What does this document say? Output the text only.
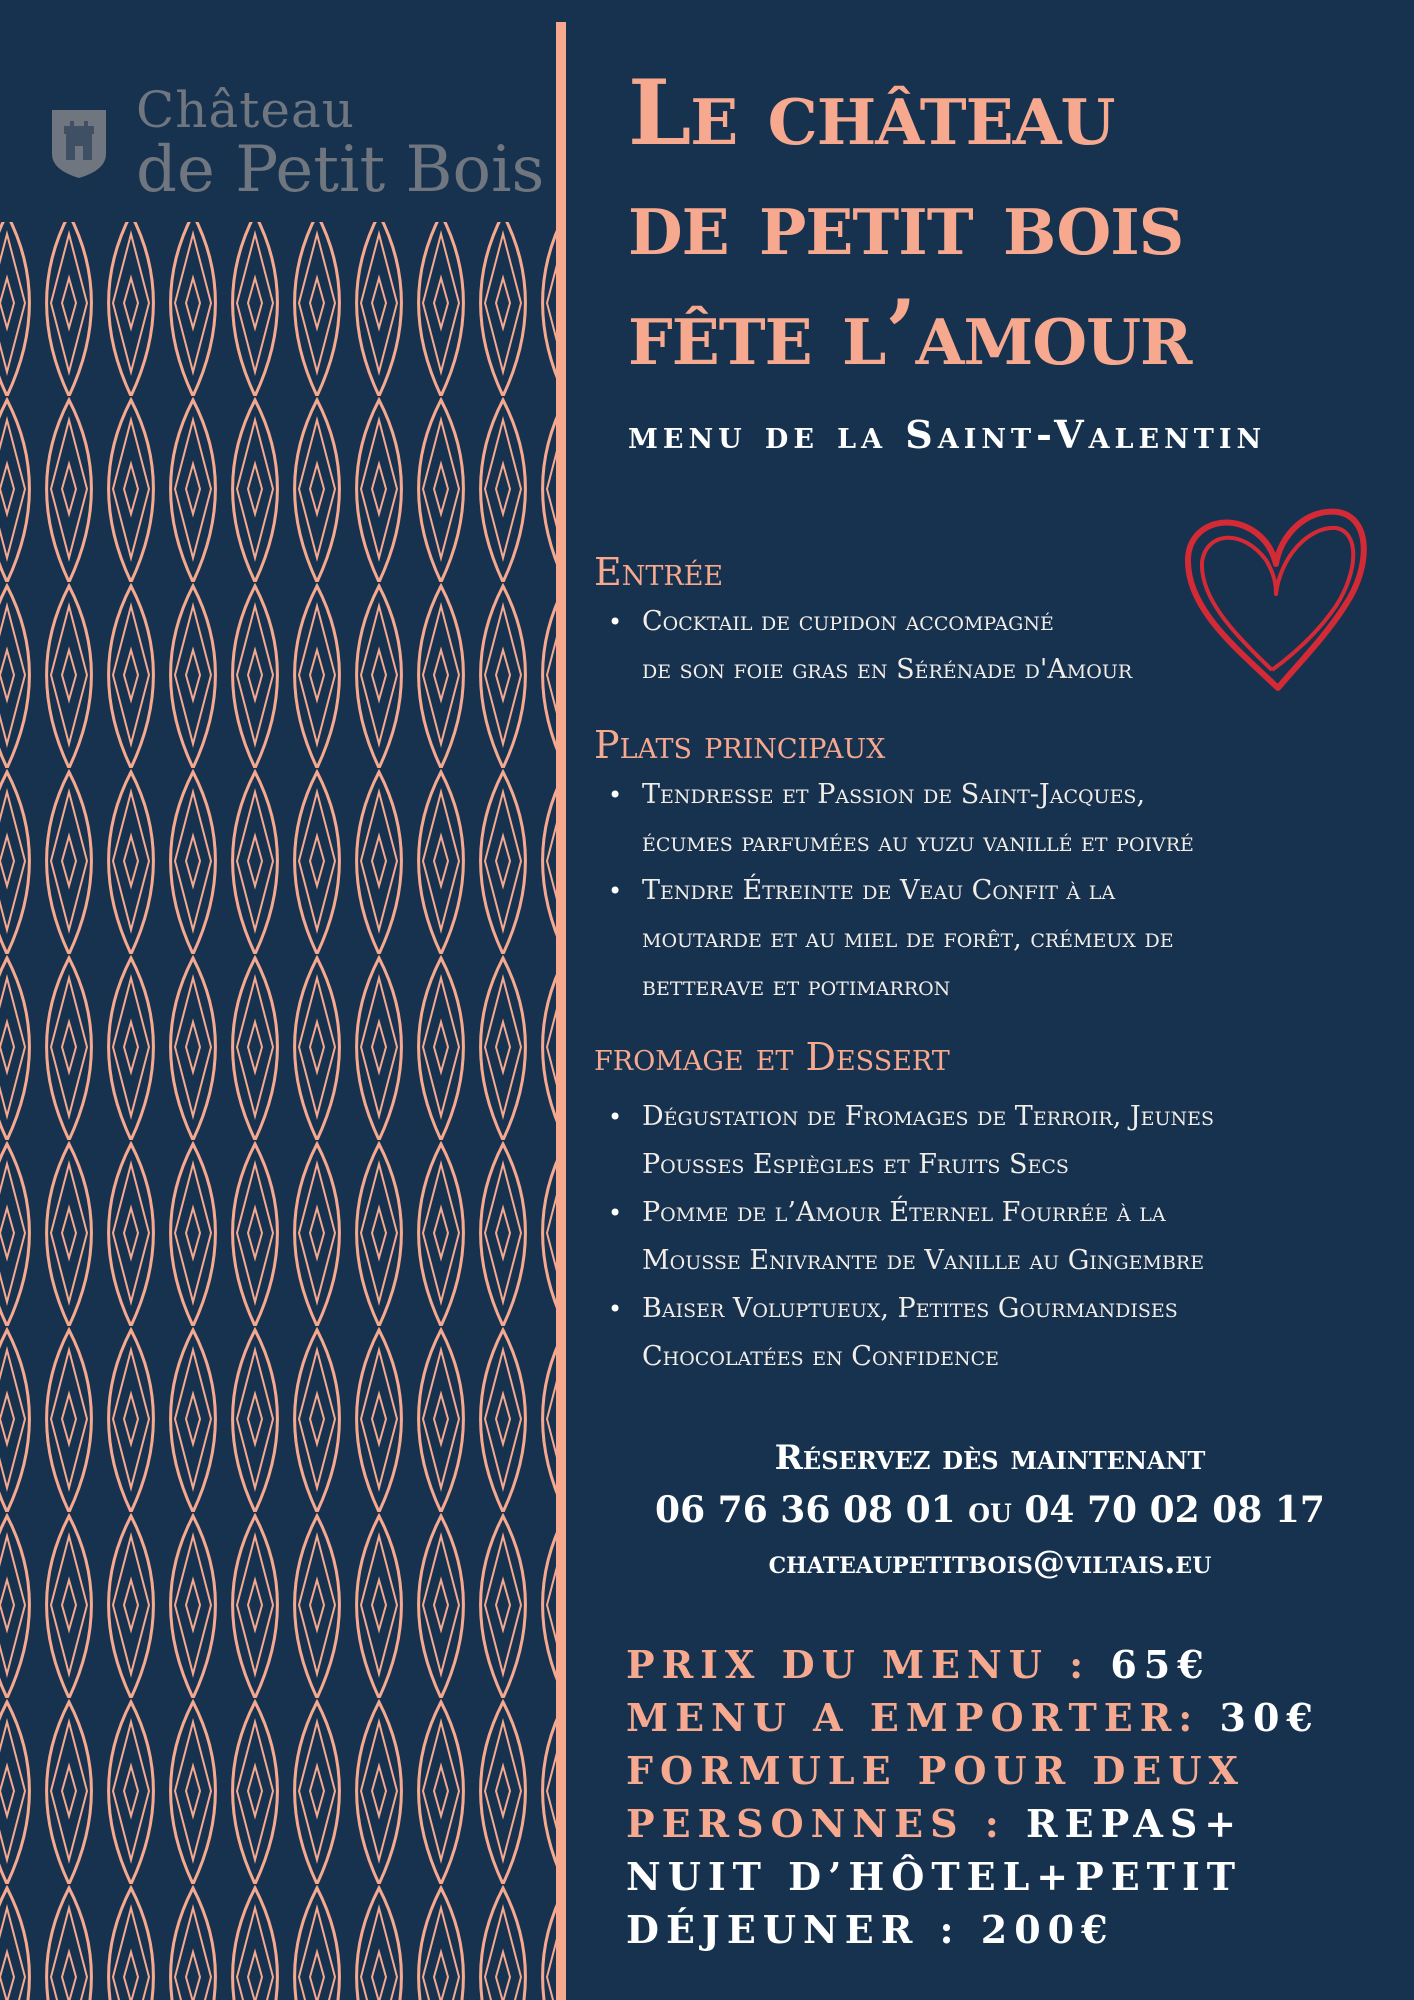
Château
de Petit Bois
Le château
de petit bois
fête l’amour
menu de la Saint-Valentin
Entrée
• Cocktail de cupidon accompagné
de son foie gras en Sérénade d'Amour
Plats principaux
• Tendresse et Passion de Saint-Jacques,
écumes parfumées au yuzu vanillé et poivré
• Tendre Étreinte de Veau Confit à la
moutarde et au miel de forêt, crémeux de
betterave et potimarron
fromage et Dessert
• Dégustation de Fromages de Terroir, Jeunes
Pousses Espiègles et Fruits Secs
• Pomme de l’Amour Éternel Fourrée à la
Mousse Enivrante de Vanille au Gingembre
• Baiser Voluptueux, Petites Gourmandises
Chocolatées en Confidence
Réservez dès maintenant
06 76 36 08 01 ou 04 70 02 08 17
chateaupetitbois@viltais.eu
PRIX DU MENU : 65€
MENU A EMPORTER: 30€
FORMULE POUR DEUX
PERSONNES : REPAS+
NUIT D’HÔTEL+PETIT
DÉJEUNER : 200€
